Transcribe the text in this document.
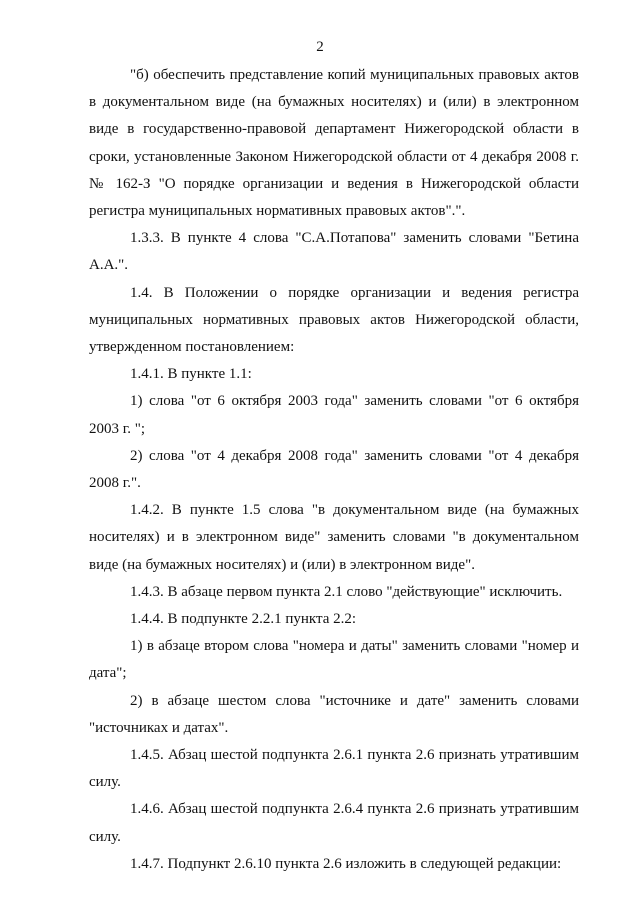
2

"б) обеспечить представление копий муниципальных правовых актов в документальном виде (на бумажных носителях) и (или) в электронном виде в государственно-правовой департамент Нижегородской области в сроки, установленные Законом Нижегородской области от 4 декабря 2008 г. № 162-З "О порядке организации и ведения в Нижегородской области регистра муниципальных нормативных правовых актов".".

1.3.3. В пункте 4 слова "С.А.Потапова" заменить словами "Бетина А.А.".

1.4. В Положении о порядке организации и ведения регистра муниципальных нормативных правовых актов Нижегородской области, утвержденном постановлением:

1.4.1. В пункте 1.1:

1) слова "от 6 октября 2003 года" заменить словами "от 6 октября 2003 г. ";

2) слова "от 4 декабря 2008 года" заменить словами "от 4 декабря 2008 г.".

1.4.2. В пункте 1.5 слова "в документальном виде (на бумажных носителях) и в электронном виде" заменить словами "в документальном виде (на бумажных носителях) и (или) в электронном виде".

1.4.3. В абзаце первом пункта 2.1 слово "действующие" исключить.

1.4.4. В подпункте 2.2.1 пункта 2.2:

1) в абзаце втором слова "номера и даты" заменить словами "номер и дата";

2) в абзаце шестом слова "источнике и дате" заменить словами "источниках и датах".

1.4.5. Абзац шестой подпункта 2.6.1 пункта 2.6 признать утратившим силу.

1.4.6. Абзац шестой подпункта 2.6.4 пункта 2.6 признать утратившим силу.

1.4.7. Подпункт 2.6.10 пункта 2.6 изложить в следующей редакции:
